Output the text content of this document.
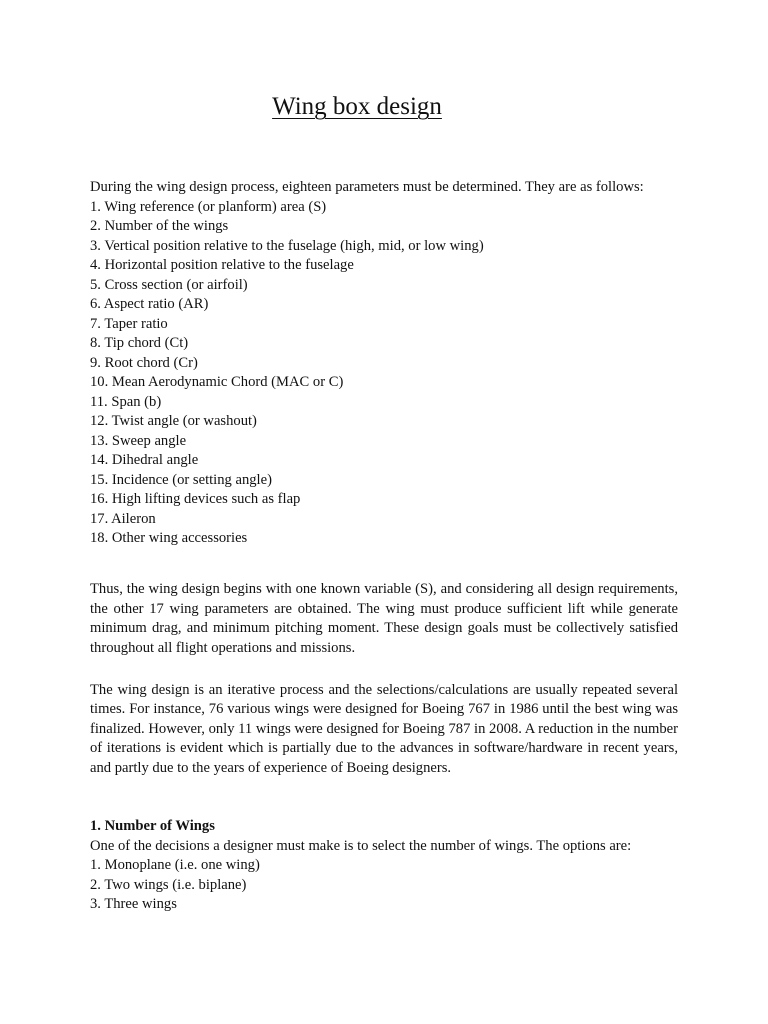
Wing box design

During the wing design process, eighteen parameters must be determined. They are as follows:

1. Wing reference (or planform) area (S)
2. Number of the wings
3. Vertical position relative to the fuselage (high, mid, or low wing)
4. Horizontal position relative to the fuselage
5. Cross section (or airfoil)
6. Aspect ratio (AR)
7. Taper ratio
8. Tip chord (Ct)
9. Root chord (Cr)
10. Mean Aerodynamic Chord (MAC or C)
11. Span (b)
12. Twist angle (or washout)
13. Sweep angle
14. Dihedral angle
15. Incidence (or setting angle)
16. High lifting devices such as flap
17. Aileron
18. Other wing accessories

Thus, the wing design begins with one known variable (S), and considering all design requirements, the other 17 wing parameters are obtained. The wing must produce sufficient lift while generate minimum drag, and minimum pitching moment. These design goals must be collectively satisfied throughout all flight operations and missions.

The wing design is an iterative process and the selections/calculations are usually repeated several times. For instance, 76 various wings were designed for Boeing 767 in 1986 until the best wing was finalized. However, only 11 wings were designed for Boeing 787 in 2008. A reduction in the number of iterations is evident which is partially due to the advances in software/hardware in recent years, and partly due to the years of experience of Boeing designers.

1. Number of Wings

One of the decisions a designer must make is to select the number of wings. The options are:

1. Monoplane (i.e. one wing)
2. Two wings (i.e. biplane)
3. Three wings
